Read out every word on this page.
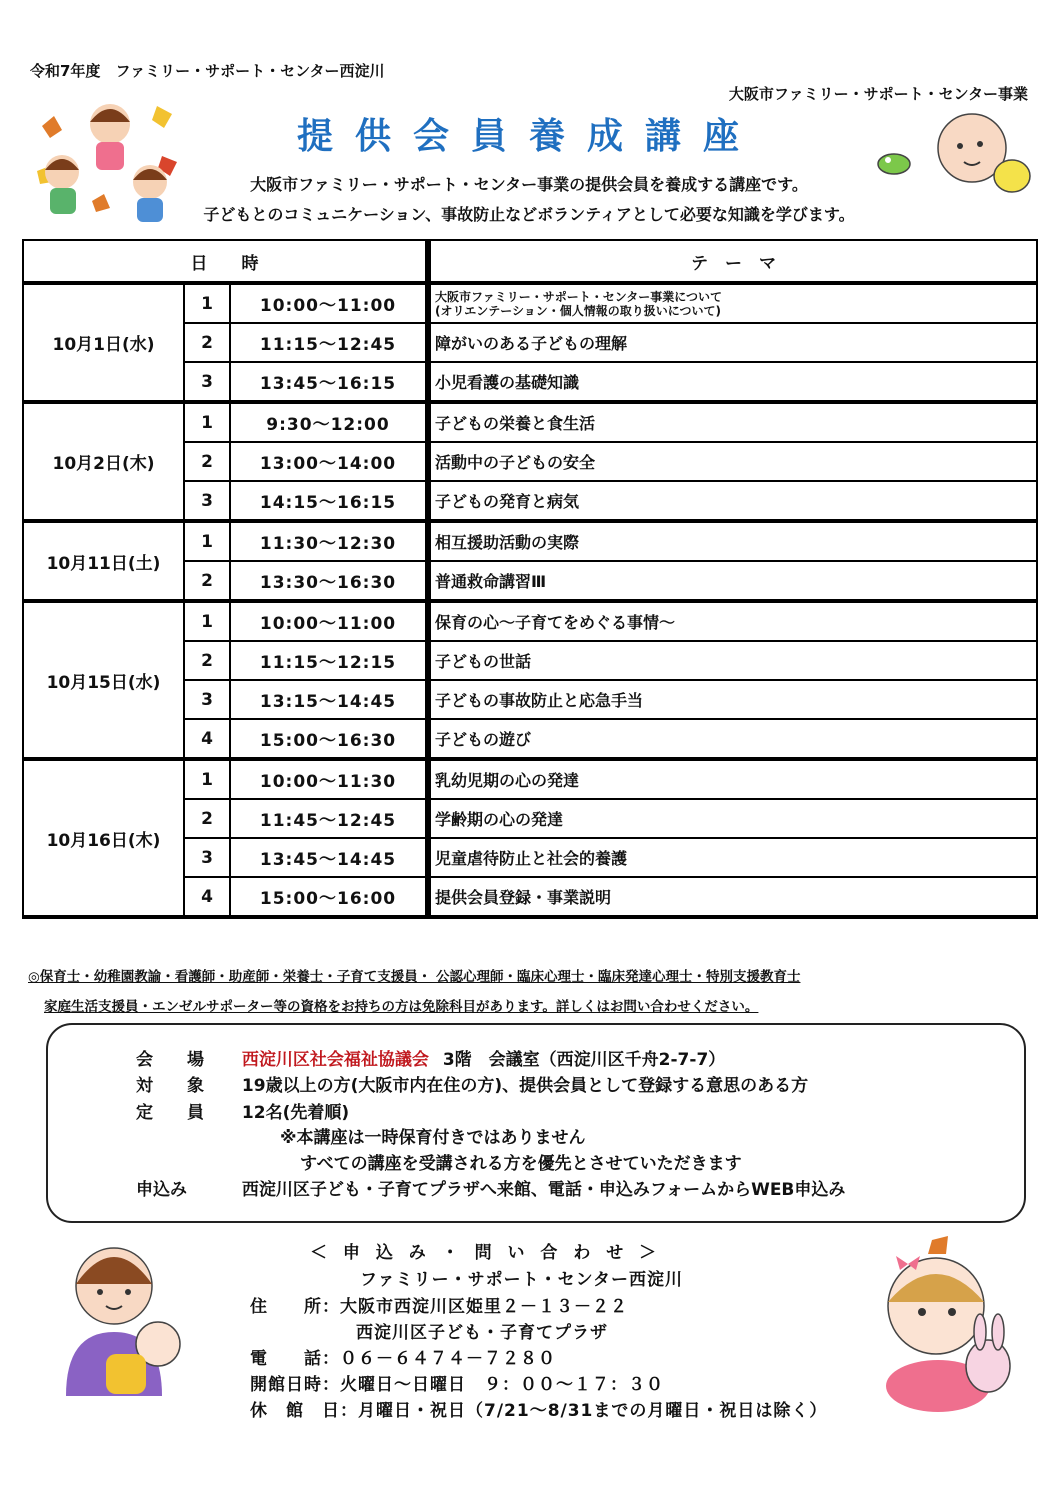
令和7年度　ファミリー・サポート・センター西淀川
大阪市ファミリー・サポート・センター事業
提供会員養成講座
大阪市ファミリー・サポート・センター事業の提供会員を養成する講座です。
子どもとのコミュニケーション、事故防止などボランティアとして必要な知識を学びます。
日　　時			テ　ー　マ
10月1日(水)	1	10:00～11:00	大阪市ファミリー・サポート・センター事業について
(オリエンテーション・個人情報の取り扱いについて)

	2	11:15～12:45	障がいのある子どもの理解
	3	13:45～16:15	小児看護の基礎知識
10月2日(木)	1	9:30～12:00	子どもの栄養と食生活
	2	13:00～14:00	活動中の子どもの安全
	3	14:15～16:15	子どもの発育と病気
10月11日(土)	1	11:30～12:30	相互援助活動の実際
	2	13:30～16:30	普通救命講習Ⅲ
10月15日(水)	1	10:00～11:00	保育の心～子育てをめぐる事情～
	2	11:15～12:15	子どもの世話
	3	13:15～14:45	子どもの事故防止と応急手当
	4	15:00～16:30	子どもの遊び
10月16日(木)	1	10:00～11:30	乳幼児期の心の発達
	2	11:45～12:45	学齢期の心の発達
	3	13:45～14:45	児童虐待防止と社会的養護
	4	15:00～16:00	提供会員登録・事業説明
◎保育士・幼稚園教諭・看護師・助産師・栄養士・子育て支援員・ 公認心理師・臨床心理士・臨床発達心理士・特別支援教育士
家庭生活支援員・エンゼルサポーター等の資格をお持ちの方は免除科目があります。詳しくはお問い合わせください。
会　　場 西淀川区社会福祉協議会 3階　会議室（西淀川区千舟2-7-7）
対　　象 19歳以上の方(大阪市内在住の方)、提供会員として登録する意思のある方
定　　員 12名(先着順)
※本講座は一時保育付きではありません
すべての講座を受講される方を優先とさせていただきます
申込み	西淀川区子ども・子育てプラザへ来館、電話・申込みフォームからWEB申込み
＜ 申 込 み ・ 問 い 合 わ せ ＞
ファミリー・サポート・センター西淀川
住　　所：大阪市西淀川区姫里２－１３－２２
西淀川区子ども・子育てプラザ
電　　話：０６－６４７４－７２８０
開館日時：火曜日～日曜日　９：００～１７：３０
休　館　日：月曜日・祝日（7/21～8/31までの月曜日・祝日は除く）
